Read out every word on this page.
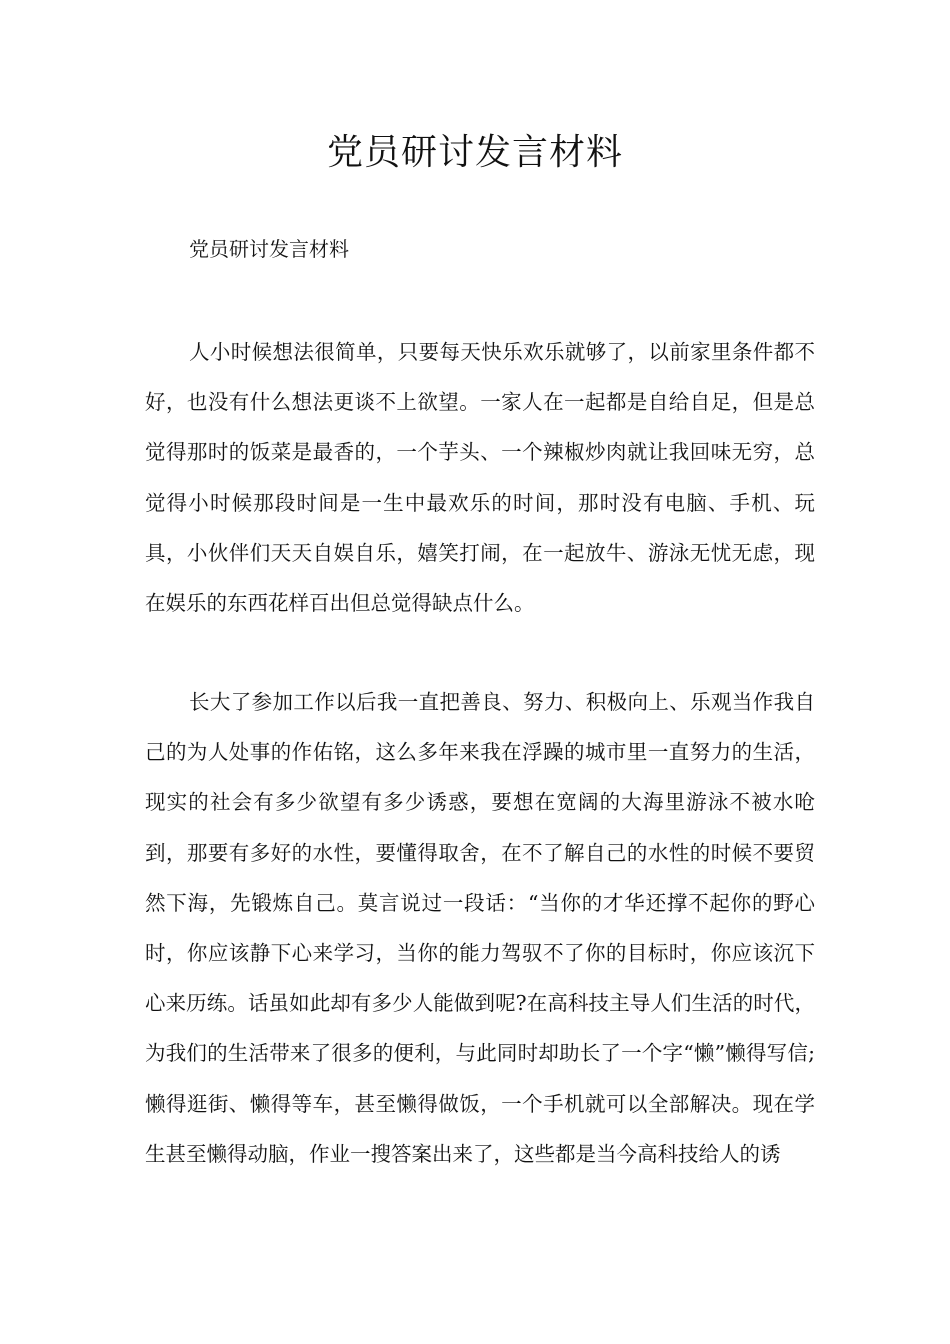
党员研讨发言材料

党员研讨发言材料

人小时候想法很简单，只要每天快乐欢乐就够了，以前家里条件都不好，也没有什么想法更谈不上欲望。一家人在一起都是自给自足，但是总觉得那时的饭菜是最香的，一个芋头、一个辣椒炒肉就让我回味无穷，总觉得小时候那段时间是一生中最欢乐的时间，那时没有电脑、手机、玩具，小伙伴们天天自娱自乐，嬉笑打闹，在一起放牛、游泳无忧无虑，现在娱乐的东西花样百出但总觉得缺点什么。

长大了参加工作以后我一直把善良、努力、积极向上、乐观当作我自己的为人处事的作佑铭，这么多年来我在浮躁的城市里一直努力的生活，现实的社会有多少欲望有多少诱惑，要想在宽阔的大海里游泳不被水呛到，那要有多好的水性，要懂得取舍，在不了解自己的水性的时候不要贸然下海，先锻炼自己。莫言说过一段话：“当你的才华还撑不起你的野心时，你应该静下心来学习，当你的能力驾驭不了你的目标时，你应该沉下心来历练。话虽如此却有多少人能做到呢?在高科技主导人们生活的时代，为我们的生活带来了很多的便利，与此同时却助长了一个字“懒”懒得写信;懒得逛街、懒得等车，甚至懒得做饭，一个手机就可以全部解决。现在学生甚至懒得动脑，作业一搜答案出来了，这些都是当今高科技给人的诱
